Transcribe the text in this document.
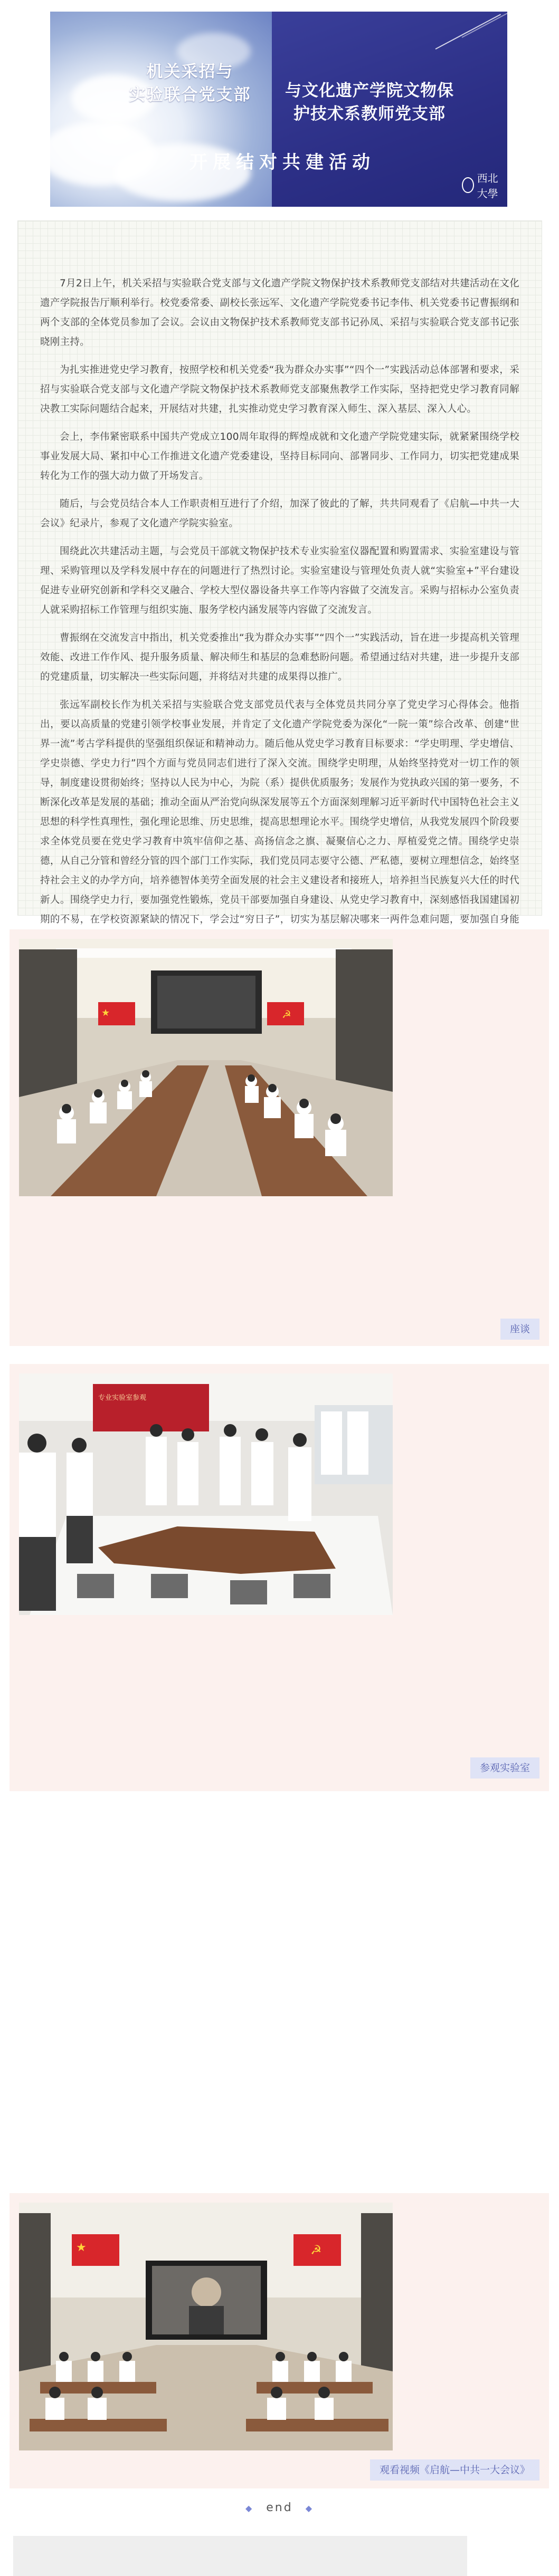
机关采招与
实验联合党支部	与文化遗产学院文物保
护技术系教师党支部
开展结对共建活动
西北大學

7月2日上午，机关采招与实验联合党支部与文化遗产学院文物保护技术系教师党支部结对共建活动在文化遗产学院报告厅顺利举行。校党委常委、副校长张远军、文化遗产学院党委书记李伟、机关党委书记曹振纲和两个支部的全体党员参加了会议。会议由文物保护技术系教师党支部书记孙凤、采招与实验联合党支部书记张晓刚主持。

为扎实推进党史学习教育，按照学校和机关党委“我为群众办实事”“四个一”实践活动总体部署和要求，采招与实验联合党支部与文化遗产学院文物保护技术系教师党支部聚焦教学工作实际，坚持把党史学习教育同解决教工实际问题结合起来，开展结对共建，扎实推动党史学习教育深入师生、深入基层、深入人心。

会上，李伟紧密联系中国共产党成立100周年取得的辉煌成就和文化遗产学院党建实际，就紧紧围绕学校事业发展大局、紧扣中心工作推进文化遗产党委建设，坚持目标同向、部署同步、工作同力，切实把党建成果转化为工作的强大动力做了开场发言。

随后，与会党员结合本人工作职责相互进行了介绍，加深了彼此的了解，共共同观看了《启航—中共一大会议》纪录片，参观了文化遗产学院实验室。

围绕此次共建活动主题，与会党员干部就文物保护技术专业实验室仪器配置和购置需求、实验室建设与管理、采购管理以及学科发展中存在的问题进行了热烈讨论。实验室建设与管理处负责人就“实验室+”平台建设促进专业研究创新和学科交叉融合、学校大型仪器设备共享工作等内容做了交流发言。采购与招标办公室负责人就采购招标工作管理与组织实施、服务学校内涵发展等内容做了交流发言。

曹振纲在交流发言中指出，机关党委推出“我为群众办实事”“四个一”实践活动，旨在进一步提高机关管理效能、改进工作作风、提升服务质量、解决师生和基层的急难愁盼问题。希望通过结对共建，进一步提升支部的党建质量，切实解决一些实际问题，并将结对共建的成果得以推广。

张远军副校长作为机关采招与实验联合党支部党员代表与全体党员共同分享了党史学习心得体会。他指出，要以高质量的党建引领学校事业发展，并肯定了文化遗产学院党委为深化“一院一策”综合改革、创建“世界一流”考古学科提供的坚强组织保证和精神动力。随后他从党史学习教育目标要求：“学史明理、学史增信、学史崇德、学史力行”四个方面与党员同志们进行了深入交流。围绕学史明理，从始终坚持党对一切工作的领导，制度建设贯彻始终；坚持以人民为中心，为院（系）提供优质服务；发展作为党执政兴国的第一要务，不断深化改革是发展的基础；推动全面从严治党向纵深发展等五个方面深刻理解习近平新时代中国特色社会主义思想的科学性真理性，强化理论思维、历史思维，提高思想理论水平。围绕学史增信，从我党发展四个阶段要求全体党员要在党史学习教育中筑牢信仰之基、高扬信念之旗、凝聚信心之力、厚植爱党之情。围绕学史崇德，从自己分管和曾经分管的四个部门工作实际，我们党员同志要守公德、严私德，要树立理想信念，始终坚持社会主义的办学方向，培养德智体美劳全面发展的社会主义建设者和接班人，培养担当民族复兴大任的时代新人。围绕学史力行，要加强党性锻炼，党员干部要加强自身建设、从党史学习教育中，深刻感悟我国建国初期的不易，在学校资源紧缺的情况下，学会过“穷日子”，切实为基层解决哪来一两件急难问题，要加强自身能

★	☭
座谈
专业实验室参观
参观实验室
★	☭
观看视频《启航—中共一大会议》
◆ end ◆
